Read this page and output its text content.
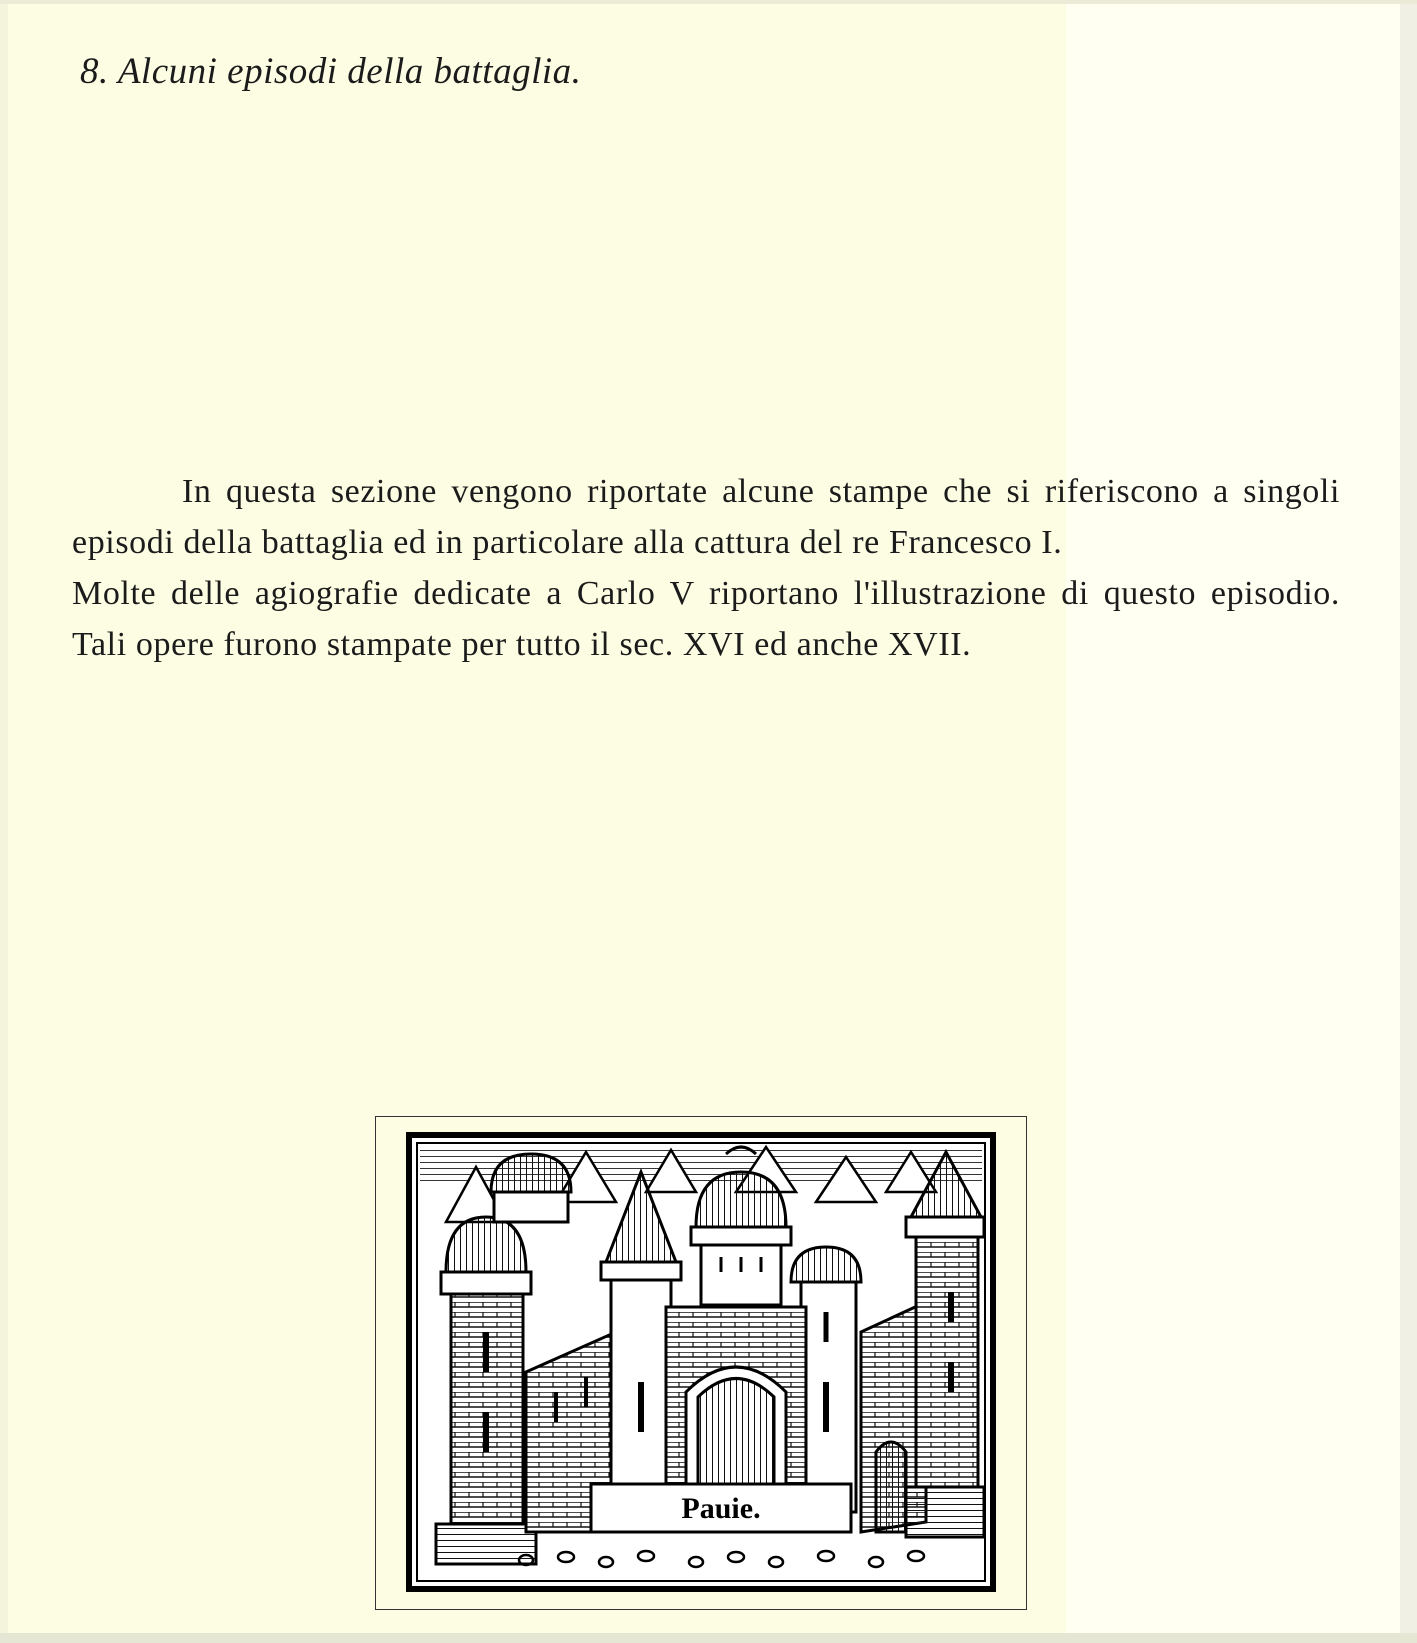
8. Alcuni episodi della battaglia.

In questa sezione vengono riportate alcune stampe che si riferiscono a singoli episodi della battaglia ed in particolare alla cattura del re Francesco I.

Molte delle agiografie dedicate a Carlo V riportano l'illustrazione di questo episodio. Tali opere furono stampate per tutto il sec. XVI ed anche XVII.

Pauie.
